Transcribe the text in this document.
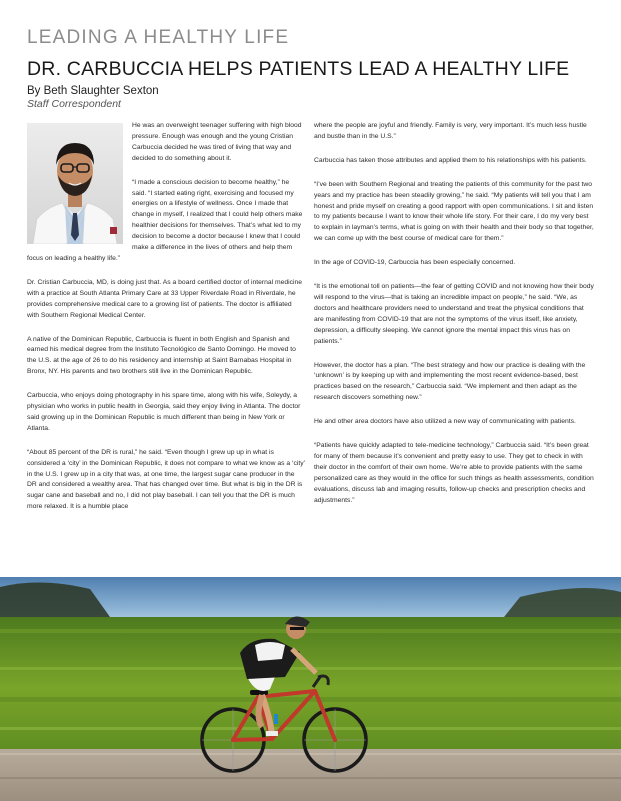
LEADING A HEALTHY LIFE
DR. CARBUCCIA HELPS PATIENTS LEAD A HEALTHY LIFE
By Beth Slaughter Sexton
Staff Correspondent

He was an overweight teenager suffering with high blood pressure. Enough was enough and the young Cristian Carbuccia decided he was tired of living that way and decided to do something about it.

“I made a conscious decision to become healthy,” he said. “I started eating right, exercising and focused my energies on a lifestyle of wellness. Once I made that change in myself, I realized that I could help others make healthier decisions for themselves. That’s what led to my decision to become a doctor because I knew that I could make a difference in the lives of others and help them focus on leading a healthy life.”

Dr. Cristian Carbuccia, MD, is doing just that. As a board certified doctor of internal medicine with a practice at South Atlanta Primary Care at 33 Upper Riverdale Road in Riverdale, he provides comprehensive medical care to a growing list of patients. The doctor is affiliated with Southern Regional Medical Center.

A native of the Dominican Republic, Carbuccia is fluent in both English and Spanish and earned his medical degree from the Instituto Tecnológico de Santo Domingo. He moved to the U.S. at the age of 26 to do his residency and internship at Saint Barnabas Hospital in Bronx, NY. His parents and two brothers still live in the Dominican Republic.

Carbuccia, who enjoys doing photography in his spare time, along with his wife, Soleydy, a physician who works in public health in Georgia, said they enjoy living in Atlanta. The doctor said growing up in the Dominican Republic is much different than being in New York or Atlanta.

“About 85 percent of the DR is rural,” he said. “Even though I grew up up in what is considered a ‘city’ in the Dominican Republic, it does not compare to what we know as a ‘city’ in the U.S. I grew up in a city that was, at one time, the largest sugar cane producer in the DR and considered a wealthy area. That has changed over time. But what is big in the DR is sugar cane and baseball and no, I did not play baseball. I can tell you that the DR is much more relaxed. It is a humble place

where the people are joyful and friendly. Family is very, very important. It’s much less hustle and bustle than in the U.S.”

Carbuccia has taken those attributes and applied them to his relationships with his patients.

“I’ve been with Southern Regional and treating the patients of this community for the past two years and my practice has been steadily growing,” he said. “My patients will tell you that I am honest and pride myself on creating a good rapport with open communications. I sit and listen to my patients because I want to know their whole life story. For their care, I do my very best to explain in layman’s terms, what is going on with their health and their body so that together, we can come up with the best course of medical care for them.”

In the age of COVID-19, Carbuccia has been especially concerned.

“It is the emotional toll on patients—the fear of getting COVID and not knowing how their body will respond to the virus—that is taking an incredible impact on people,” he said. “We, as doctors and healthcare providers need to understand and treat the physical conditions that are manifesting from COVID-19 that are not the symptoms of the virus itself, like anxiety, depression, a difficulty sleeping. We cannot ignore the mental impact this virus has on patients.”

However, the doctor has a plan. “The best strategy and how our practice is dealing with the ‘unknown’ is by keeping up with and implementing the most recent evidence-based, best practices based on the research,” Carbuccia said. “We implement and then adapt as the research discovers something new.”

He and other area doctors have also utilized a new way of communicating with patients.

“Patients have quickly adapted to tele-medicine technology,” Carbuccia said. “It’s been great for many of them because it’s convenient and pretty easy to use. They get to check in with their doctor in the comfort of their own home. We’re able to provide patients with the same personalized care as they would in the office for such things as health assessments, condition evaluations, discuss lab and imaging results, follow-up checks and prescription checks and adjustments.”
